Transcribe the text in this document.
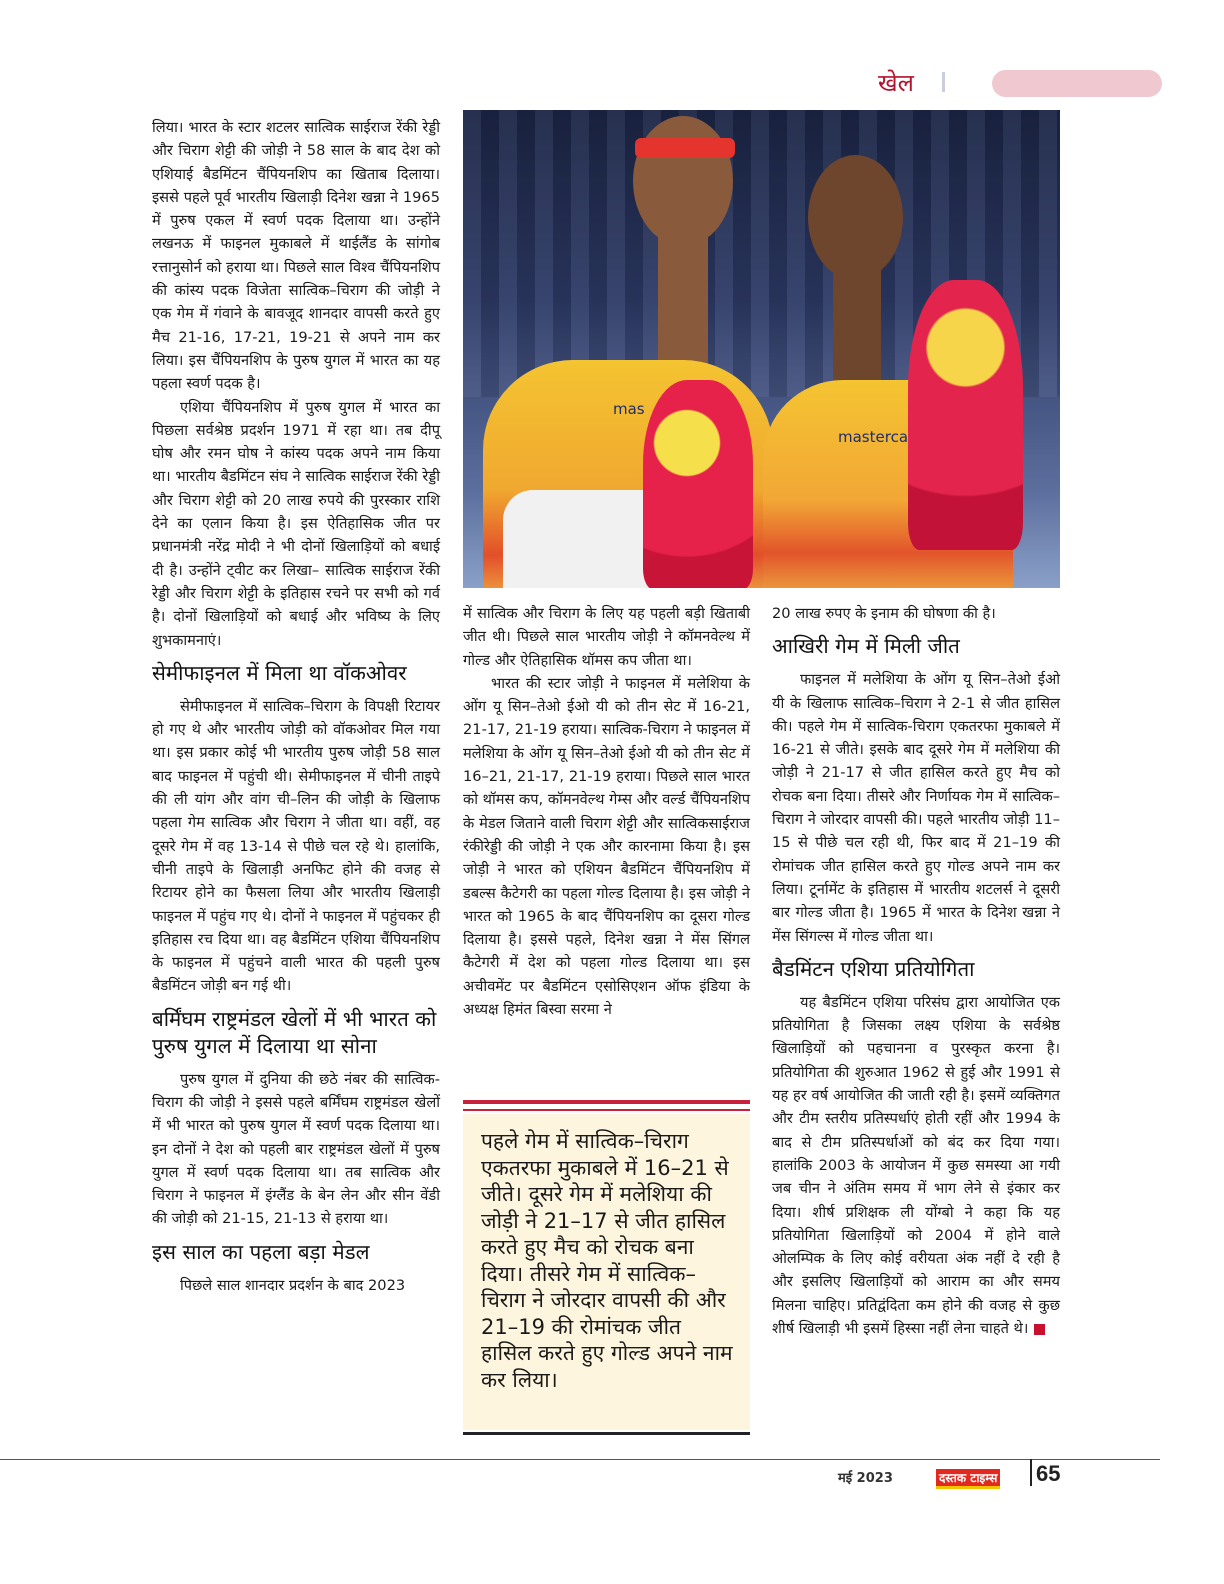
खेल

लिया। भारत के स्टार शटलर सात्विक साईराज रेंकी रेड्डी और चिराग शेट्टी की जोड़ी ने 58 साल के बाद देश को एशियाई बैडमिंटन चैंपियनशिप का खिताब दिलाया। इससे पहले पूर्व भारतीय खिलाड़ी दिनेश खन्ना ने 1965 में पुरुष एकल में स्वर्ण पदक दिलाया था। उन्होंने लखनऊ में फाइनल मुकाबले में थाईलैंड के सांगोब रत्तानुसोर्न को हराया था। पिछले साल विश्व चैंपियनशिप की कांस्य पदक विजेता सात्विक–चिराग की जोड़ी ने एक गेम में गंवाने के बावजूद शानदार वापसी करते हुए मैच 21-16, 17-21, 19-21 से अपने नाम कर लिया। इस चैंपियनशिप के पुरुष युगल में भारत का यह पहला स्वर्ण पदक है।

एशिया चैंपियनशिप में पुरुष युगल में भारत का पिछला सर्वश्रेष्ठ प्रदर्शन 1971 में रहा था। तब दीपू घोष और रमन घोष ने कांस्य पदक अपने नाम किया था। भारतीय बैडमिंटन संघ ने सात्विक साईराज रेंकी रेड्डी और चिराग शेट्टी को 20 लाख रुपये की पुरस्कार राशि देने का एलान किया है। इस ऐतिहासिक जीत पर प्रधानमंत्री नरेंद्र मोदी ने भी दोनों खिलाड़ियों को बधाई दी है। उन्होंने ट्वीट कर लिखा– सात्विक साईराज रेंकी रेड्डी और चिराग शेट्टी के इतिहास रचने पर सभी को गर्व है। दोनों खिलाड़ियों को बधाई और भविष्य के लिए शुभकामनाएं।

सेमीफाइनल में मिला था वॉकओवर

सेमीफाइनल में सात्विक–चिराग के विपक्षी रिटायर हो गए थे और भारतीय जोड़ी को वॉकओवर मिल गया था। इस प्रकार कोई भी भारतीय पुरुष जोड़ी 58 साल बाद फाइनल में पहुंची थी। सेमीफाइनल में चीनी ताइपे की ली यांग और वांग ची–लिन की जोड़ी के खिलाफ पहला गेम सात्विक और चिराग ने जीता था। वहीं, वह दूसरे गेम में वह 13-14 से पीछे चल रहे थे। हालांकि, चीनी ताइपे के खिलाड़ी अनफिट होने की वजह से रिटायर होने का फैसला लिया और भारतीय खिलाड़ी फाइनल में पहुंच गए थे। दोनों ने फाइनल में पहुंचकर ही इतिहास रच दिया था। वह बैडमिंटन एशिया चैंपियनशिप के फाइनल में पहुंचने वाली भारत की पहली पुरुष बैडमिंटन जोड़ी बन गई थी।

बर्मिंघम राष्ट्रमंडल खेलों में भी भारत को पुरुष युगल में दिलाया था सोना

पुरुष युगल में दुनिया की छठे नंबर की सात्विक-चिराग की जोड़ी ने इससे पहले बर्मिंघम राष्ट्रमंडल खेलों में भी भारत को पुरुष युगल में स्वर्ण पदक दिलाया था। इन दोनों ने देश को पहली बार राष्ट्रमंडल खेलों में पुरुष युगल में स्वर्ण पदक दिलाया था। तब सात्विक और चिराग ने फाइनल में इंग्लैंड के बेन लेन और सीन वेंडी की जोड़ी को 21-15, 21-13 से हराया था।

इस साल का पहला बड़ा मेडल

पिछले साल शानदार प्रदर्शन के बाद 2023

mas
masterca

में सात्विक और चिराग के लिए यह पहली बड़ी खिताबी जीत थी। पिछले साल भारतीय जोड़ी ने कॉमनवेल्थ में गोल्ड और ऐतिहासिक थॉमस कप जीता था।

भारत की स्टार जोड़ी ने फाइनल में मलेशिया के ओंग यू सिन–तेओ ईओ यी को तीन सेट में 16-21, 21-17, 21-19 हराया। सात्विक-चिराग ने फाइनल में मलेशिया के ओंग यू सिन–तेओ ईओ यी को तीन सेट में 16–21, 21-17, 21-19 हराया। पिछले साल भारत को थॉमस कप, कॉमनवेल्थ गेम्स और वर्ल्ड चैंपियनशिप के मेडल जिताने वाली चिराग शेट्टी और सात्विकसाईराज रंकीरेड्डी की जोड़ी ने एक और कारनामा किया है। इस जोड़ी ने भारत को एशियन बैडमिंटन चैंपियनशिप में डबल्स कैटेगरी का पहला गोल्ड दिलाया है। इस जोड़ी ने भारत को 1965 के बाद चैंपियनशिप का दूसरा गोल्ड दिलाया है। इससे पहले, दिनेश खन्ना ने मेंस सिंगल कैटेगरी में देश को पहला गोल्ड दिलाया था। इस अचीवमेंट पर बैडमिंटन एसोसिएशन ऑफ इंडिया के अध्यक्ष हिमंत बिस्वा सरमा ने

पहले गेम में सात्विक–चिराग एकतरफा मुकाबले में 16–21 से जीते। दूसरे गेम में मलेशिया की जोड़ी ने 21–17 से जीत हासिल करते हुए मैच को रोचक बना दिया। तीसरे गेम में सात्विक–चिराग ने जोरदार वापसी की और 21–19 की रोमांचक जीत हासिल करते हुए गोल्ड अपने नाम कर लिया।

20 लाख रुपए के इनाम की घोषणा की है।

आखिरी गेम में मिली जीत

फाइनल में मलेशिया के ओंग यू सिन–तेओ ईओ यी के खिलाफ सात्विक–चिराग ने 2-1 से जीत हासिल की। पहले गेम में सात्विक-चिराग एकतरफा मुकाबले में 16-21 से जीते। इसके बाद दूसरे गेम में मलेशिया की जोड़ी ने 21-17 से जीत हासिल करते हुए मैच को रोचक बना दिया। तीसरे और निर्णायक गेम में सात्विक–चिराग ने जोरदार वापसी की। पहले भारतीय जोड़ी 11–15 से पीछे चल रही थी, फिर बाद में 21–19 की रोमांचक जीत हासिल करते हुए गोल्ड अपने नाम कर लिया। टूर्नामेंट के इतिहास में भारतीय शटलर्स ने दूसरी बार गोल्ड जीता है। 1965 में भारत के दिनेश खन्ना ने मेंस सिंगल्स में गोल्ड जीता था।

बैडमिंटन एशिया प्रतियोगिता

यह बैडमिंटन एशिया परिसंघ द्वारा आयोजित एक प्रतियोगिता है जिसका लक्ष्य एशिया के सर्वश्रेष्ठ खिलाड़ियों को पहचानना व पुरस्कृत करना है। प्रतियोगिता की शुरुआत 1962 से हुई और 1991 से यह हर वर्ष आयोजित की जाती रही है। इसमें व्यक्तिगत और टीम स्तरीय प्रतिस्पर्धाएं होती रहीं और 1994 के बाद से टीम प्रतिस्पर्धाओं को बंद कर दिया गया। हालांकि 2003 के आयोजन में कुछ समस्या आ गयी जब चीन ने अंतिम समय में भाग लेने से इंकार कर दिया। शीर्ष प्रशिक्षक ली योंग्बो ने कहा कि यह प्रतियोगिता खिलाड़ियों को 2004 में होने वाले ओलम्पिक के लिए कोई वरीयता अंक नहीं दे रही है और इसलिए खिलाड़ियों को आराम का और समय मिलना चाहिए। प्रतिद्वंदिता कम होने की वजह से कुछ शीर्ष खिलाड़ी भी इसमें हिस्सा नहीं लेना चाहते थे।

मई 2023	दस्तक टाइम्स 65
